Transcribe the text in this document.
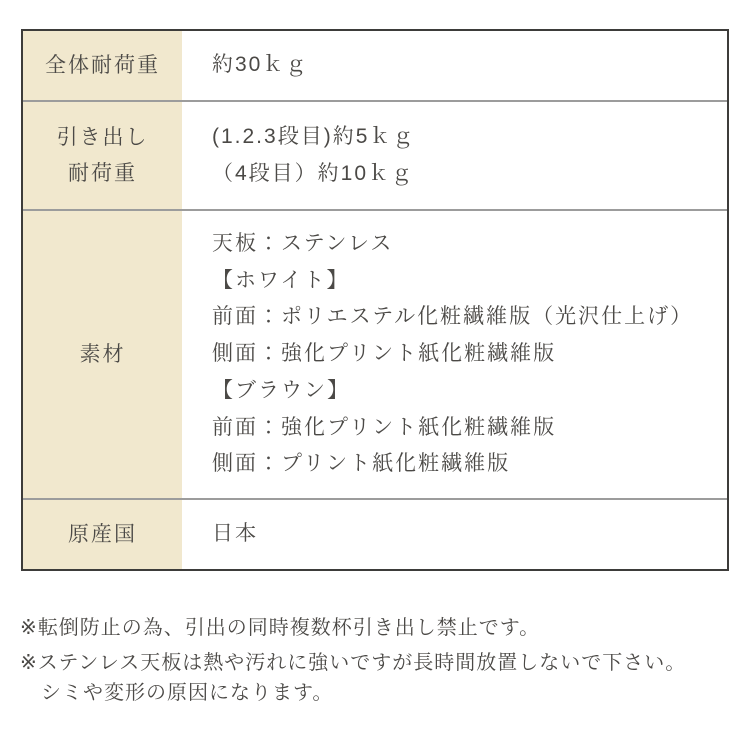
全体耐荷重 約30ｋｇ
引き出し
耐荷重
(1.2.3段目)約5ｋｇ
（4段目）約10ｋｇ
素材
天板：ステンレス
【ホワイト】
前面：ポリエステル化粧繊維版（光沢仕上げ）
側面：強化プリント紙化粧繊維版
【ブラウン】
前面：強化プリント紙化粧繊維版
側面：プリント紙化粧繊維版
原産国	日本
※転倒防止の為、引出の同時複数杯引き出し禁止です。
※ステンレス天板は熱や汚れに強いですが長時間放置しないで下さい。
シミや変形の原因になります。
